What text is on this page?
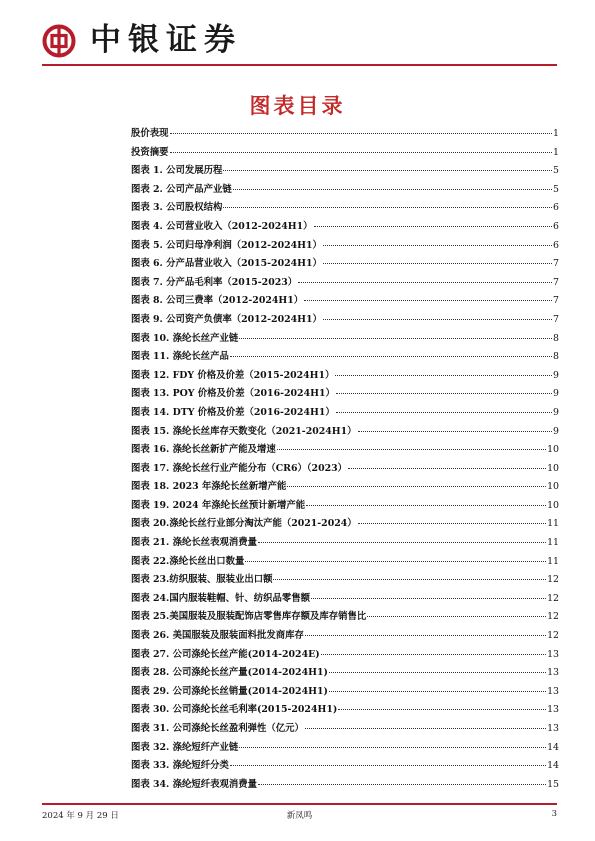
中银证券
图表目录
股价表现	1
投资摘要	1
图表 1. 公司发展历程	5
图表 2. 公司产品产业链	5
图表 3. 公司股权结构	6
图表 4. 公司营业收入（2012-2024H1）	6
图表 5. 公司归母净利润（2012-2024H1）	6
图表 6. 分产品营业收入（2015-2024H1）	7
图表 7. 分产品毛利率（2015-2023）	7
图表 8. 公司三费率（2012-2024H1）	7
图表 9. 公司资产负债率（2012-2024H1）	7
图表 10. 涤纶长丝产业链	8
图表 11. 涤纶长丝产品	8
图表 12. FDY 价格及价差（2015-2024H1）	9
图表 13. POY 价格及价差（2016-2024H1）	9
图表 14. DTY 价格及价差（2016-2024H1）	9
图表 15. 涤纶长丝库存天数变化（2021-2024H1）	9
图表 16. 涤纶长丝新扩产能及增速	10
图表 17. 涤纶长丝行业产能分布（CR6）（2023）	10
图表 18. 2023 年涤纶长丝新增产能	10
图表 19. 2024 年涤纶长丝预计新增产能	10
图表 20.涤纶长丝行业部分淘汰产能（2021-2024）	11
图表 21. 涤纶长丝表观消费量	11
图表 22.涤纶长丝出口数量	11
图表 23.纺织服装、服装业出口额	12
图表 24.国内服装鞋帽、针、纺织品零售额	12
图表 25.美国服装及服装配饰店零售库存额及库存销售比	12
图表 26. 美国服装及服装面料批发商库存	12
图表 27. 公司涤纶长丝产能(2014-2024E)	13
图表 28. 公司涤纶长丝产量(2014-2024H1)	13
图表 29. 公司涤纶长丝销量(2014-2024H1)	13
图表 30. 公司涤纶长丝毛利率(2015-2024H1)	13
图表 31. 公司涤纶长丝盈利弹性（亿元）	13
图表 32. 涤纶短纤产业链	14
图表 33. 涤纶短纤分类	14
图表 34. 涤纶短纤表观消费量	15
2024 年 9 月 29 日	新凤鸣	3
